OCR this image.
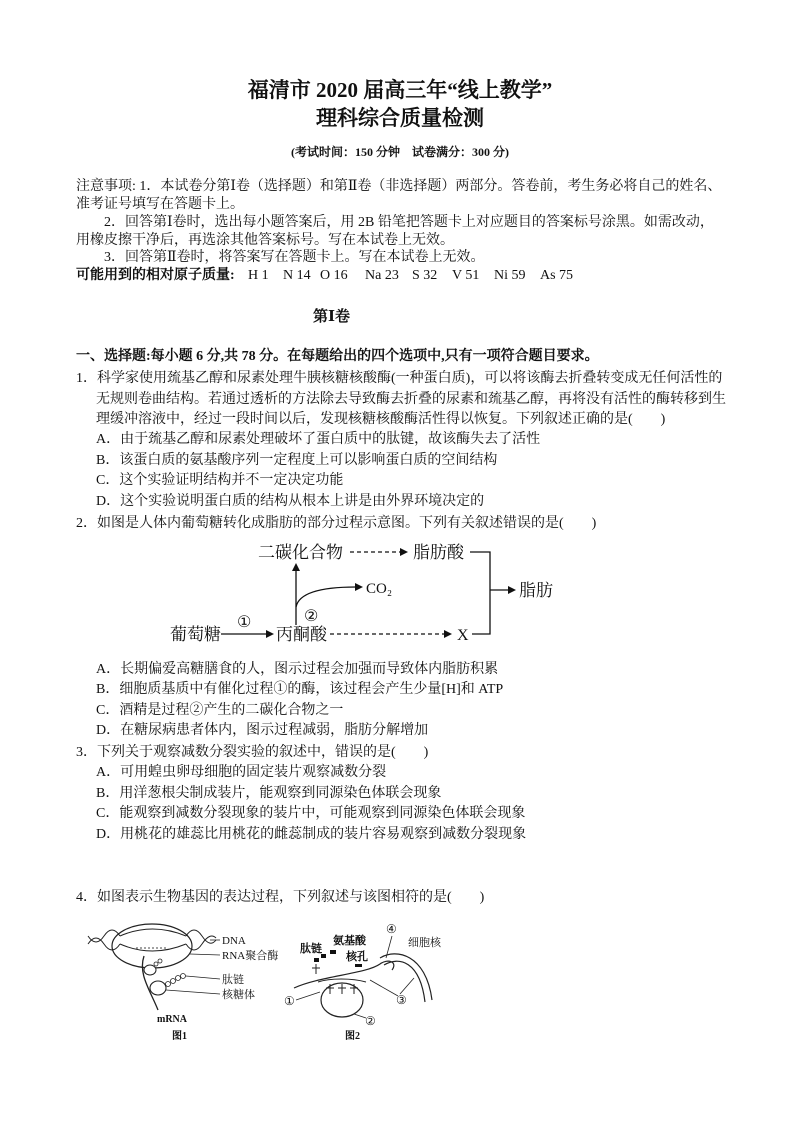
福清市 2020 届高三年“线上教学”
理科综合质量检测
(考试时间：150 分钟　试卷满分：300 分)
注意事项: 1．本试卷分第Ⅰ卷（选择题）和第Ⅱ卷（非选择题）两部分。答卷前，考生务必将自己的姓名、
准考证号填写在答题卡上。
2．回答第Ⅰ卷时，选出每小题答案后，用 2B 铅笔把答题卡上对应题目的答案标号涂黑。如需改动，
用橡皮擦干净后，再选涂其他答案标号。写在本试卷上无效。
3．回答第Ⅱ卷时，将答案写在答题卡上。写在本试卷上无效。
可能用到的相对原子质量: H 1 N 14 O 16 Na 23 S 32 V 51 Ni 59 As 75
第Ⅰ卷
一、选择题:每小题 6 分,共 78 分。在每题给出的四个选项中,只有一项符合题目要求。
1．科学家使用巯基乙醇和尿素处理牛胰核糖核酸酶(一种蛋白质)，可以将该酶去折叠转变成无任何活性的
无规则卷曲结构。若通过透析的方法除去导致酶去折叠的尿素和巯基乙醇，再将没有活性的酶转移到生
理缓冲溶液中，经过一段时间以后，发现核糖核酸酶活性得以恢复。下列叙述正确的是(　　)
A．由于巯基乙醇和尿素处理破坏了蛋白质中的肽键，故该酶失去了活性
B．该蛋白质的氨基酸序列一定程度上可以影响蛋白质的空间结构
C．这个实验证明结构并不一定决定功能
D．这个实验说明蛋白质的结构从根本上讲是由外界环境决定的
2．如图是人体内葡萄糖转化成脂肪的部分过程示意图。下列有关叙述错误的是(　　)
二碳化合物	脂肪酸
脂肪
CO₂
②
葡萄糖
①
丙酮酸	X
A．长期偏爱高糖膳食的人，图示过程会加强而导致体内脂肪积累
B．细胞质基质中有催化过程①的酶，该过程会产生少量[H]和 ATP
C．酒精是过程②产生的二碳化合物之一
D．在糖尿病患者体内，图示过程减弱，脂肪分解增加
3．下列关于观察减数分裂实验的叙述中，错误的是(　　)
A．可用蝗虫卵母细胞的固定装片观察减数分裂
B．用洋葱根尖制成装片，能观察到同源染色体联会现象
C．能观察到减数分裂现象的装片中，可能观察到同源染色体联会现象
D．用桃花的雄蕊比用桃花的雌蕊制成的装片容易观察到减数分裂现象
4．如图表示生物基因的表达过程，下列叙述与该图相符的是(　　)
DNA
RNA聚合酶
肽链
核糖体
mRNA
图1
④
肽链
氨基酸	细胞核
核孔
①
②
③
图2
